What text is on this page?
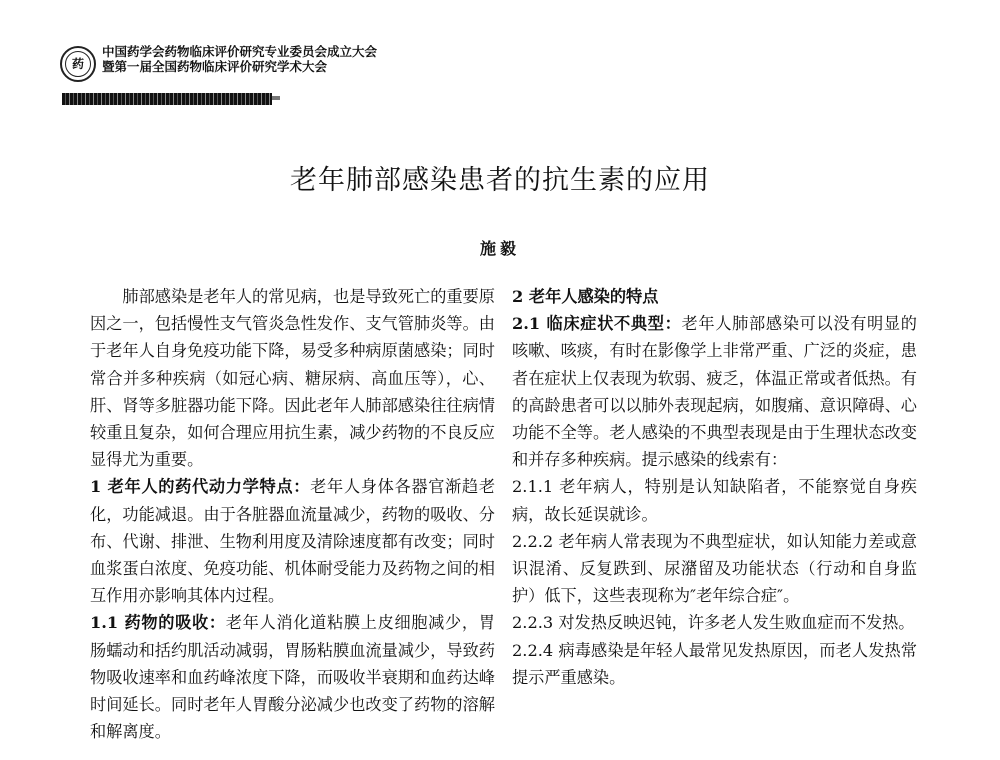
药
中国药学会药物临床评价研究专业委员会成立大会
暨第一届全国药物临床评价研究学术大会
老年肺部感染患者的抗生素的应用
施毅

肺部感染是老年人的常见病，也是导致死亡的重要原因之一，包括慢性支气管炎急性发作、支气管肺炎等。由于老年人自身免疫功能下降，易受多种病原菌感染；同时常合并多种疾病（如冠心病、糖尿病、高血压等），心、肝、肾等多脏器功能下降。因此老年人肺部感染往往病情较重且复杂，如何合理应用抗生素，减少药物的不良反应显得尤为重要。

1 老年人的药代动力学特点：老年人身体各器官渐趋老化，功能减退。由于各脏器血流量减少，药物的吸收、分布、代谢、排泄、生物利用度及清除速度都有改变；同时血浆蛋白浓度、免疫功能、机体耐受能力及药物之间的相互作用亦影响其体内过程。

1.1 药物的吸收：老年人消化道粘膜上皮细胞减少，胃肠蠕动和括约肌活动减弱，胃肠粘膜血流量减少，导致药物吸收速率和血药峰浓度下降，而吸收半衰期和血药达峰时间延长。同时老年人胃酸分泌减少也改变了药物的溶解和解离度。

2 老年人感染的特点

2.1 临床症状不典型：老年人肺部感染可以没有明显的咳嗽、咳痰，有时在影像学上非常严重、广泛的炎症，患者在症状上仅表现为软弱、疲乏，体温正常或者低热。有的高龄患者可以以肺外表现起病，如腹痛、意识障碍、心功能不全等。老人感染的不典型表现是由于生理状态改变和并存多种疾病。提示感染的线索有：

2.1.1 老年病人，特别是认知缺陷者，不能察觉自身疾病，故长延误就诊。

2.2.2 老年病人常表现为不典型症状，如认知能力差或意识混淆、反复跌到、尿潴留及功能状态（行动和自身监护）低下，这些表现称为″老年综合症″。

2.2.3 对发热反映迟钝，许多老人发生败血症而不发热。

2.2.4 病毒感染是年轻人最常见发热原因，而老人发热常提示严重感染。
